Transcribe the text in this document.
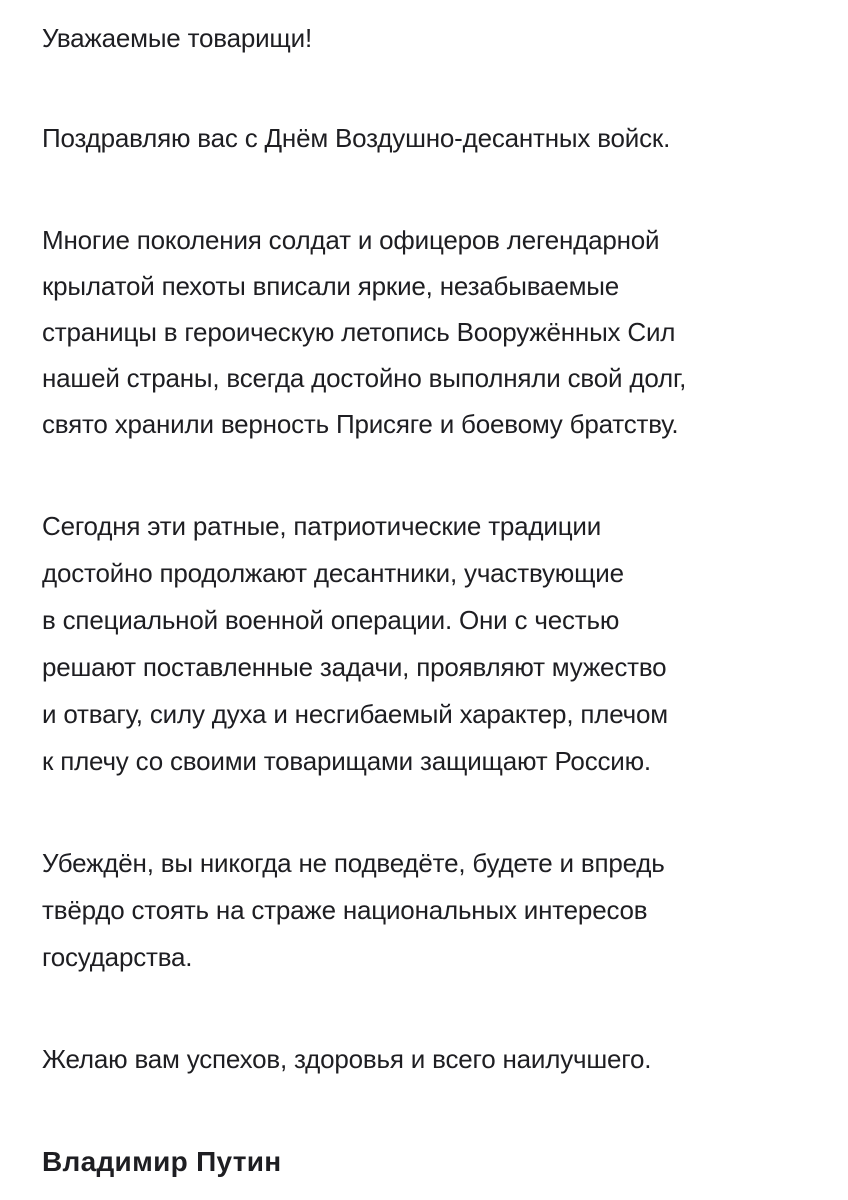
Уважаемые товарищи!
Поздравляю вас с Днём Воздушно-десантных войск.
Многие поколения солдат и офицеров легендарной
крылатой пехоты вписали яркие, незабываемые
страницы в героическую летопись Вооружённых Сил
нашей страны, всегда достойно выполняли свой долг,
свято хранили верность Присяге и боевому братству.
Сегодня эти ратные, патриотические традиции
достойно продолжают десантники, участвующие
в специальной военной операции. Они с честью
решают поставленные задачи, проявляют мужество
и отвагу, силу духа и несгибаемый характер, плечом
к плечу со своими товарищами защищают Россию.
Убеждён, вы никогда не подведёте, будете и впредь
твёрдо стоять на страже национальных интересов
государства.
Желаю вам успехов, здоровья и всего наилучшего.
Владимир Путин
